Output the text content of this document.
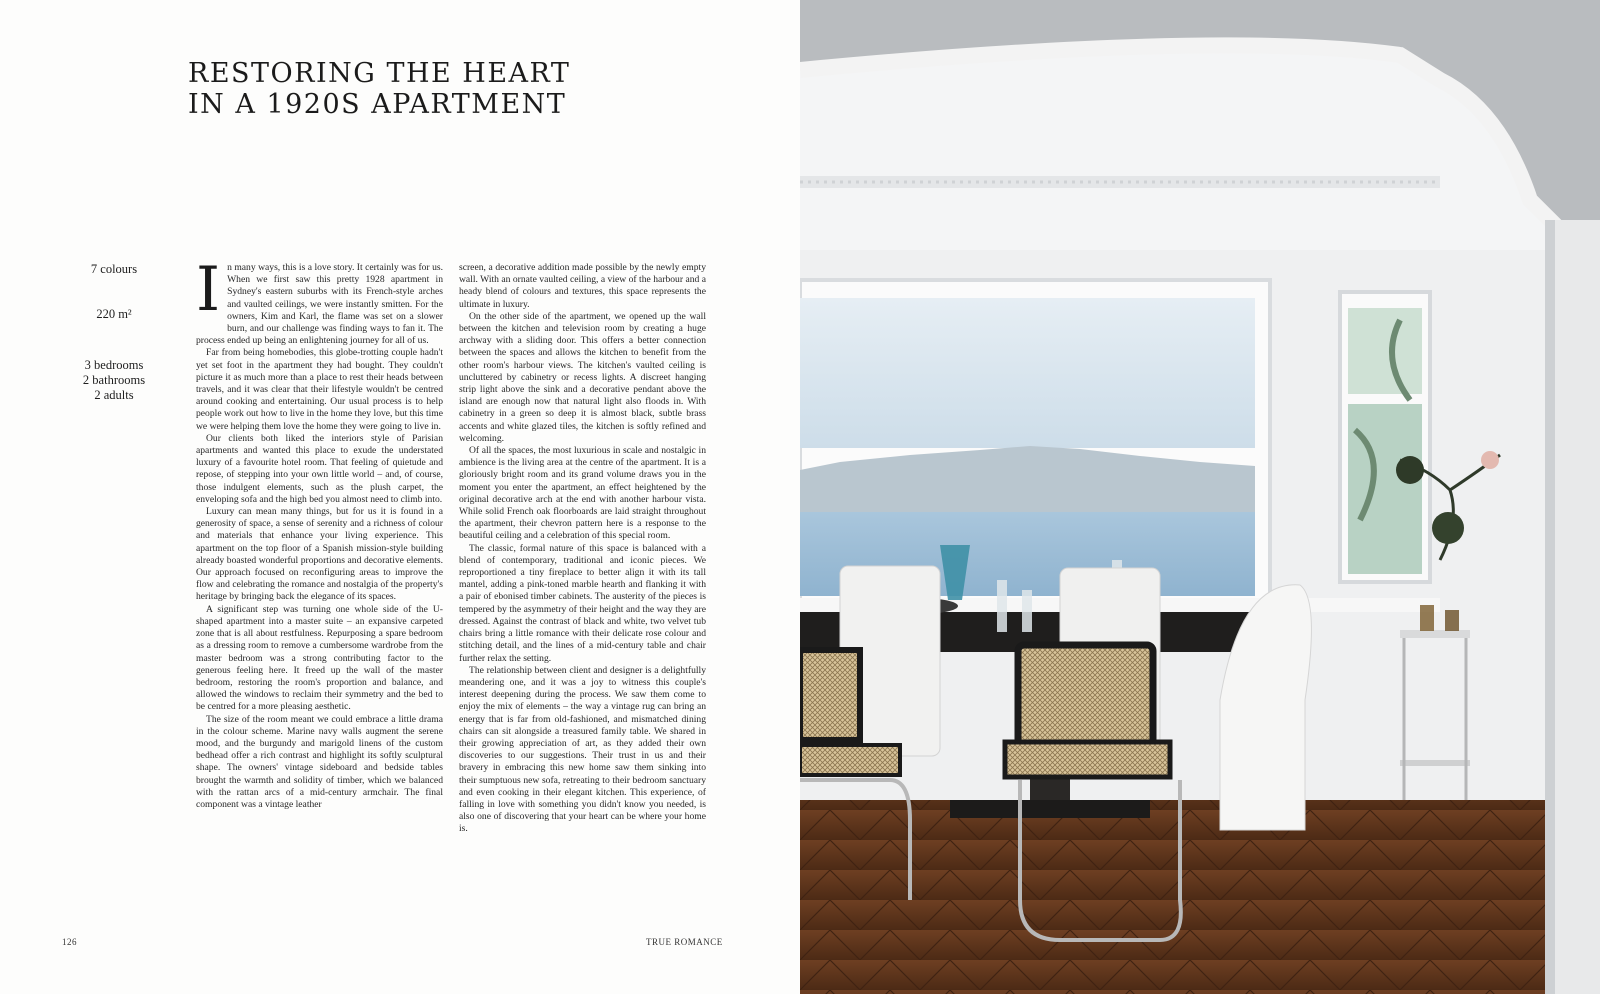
RESTORING THE HEART
IN A 1920S APARTMENT
7 colours
220 m²
3 bedrooms
2 bathrooms
2 adults
I n many ways, this is a love story. It certainly was for us. When we first saw this pretty 1928 apartment in Sydney's eastern suburbs with its French-style arches and vaulted ceilings, we were instantly smitten. For the owners, Kim and Karl, the flame was set on a slower burn, and our challenge was finding ways to fan it. The process ended up being an enlightening journey for all of us.

Far from being homebodies, this globe-trotting couple hadn't yet set foot in the apartment they had bought. They couldn't picture it as much more than a place to rest their heads between travels, and it was clear that their lifestyle wouldn't be centred around cooking and entertaining. Our usual process is to help people work out how to live in the home they love, but this time we were helping them love the home they were going to live in.

Our clients both liked the interiors style of Parisian apartments and wanted this place to exude the understated luxury of a favourite hotel room. That feeling of quietude and repose, of stepping into your own little world – and, of course, those indulgent elements, such as the plush carpet, the enveloping sofa and the high bed you almost need to climb into.

Luxury can mean many things, but for us it is found in a generosity of space, a sense of serenity and a richness of colour and materials that enhance your living experience. This apartment on the top floor of a Spanish mission-style building already boasted wonderful proportions and decorative elements. Our approach focused on reconfiguring areas to improve the flow and celebrating the romance and nostalgia of the property's heritage by bringing back the elegance of its spaces.

A significant step was turning one whole side of the U-shaped apartment into a master suite – an expansive carpeted zone that is all about restfulness. Repurposing a spare bedroom as a dressing room to remove a cumbersome wardrobe from the master bedroom was a strong contributing factor to the generous feeling here. It freed up the wall of the master bedroom, restoring the room's proportion and balance, and allowed the windows to reclaim their symmetry and the bed to be centred for a more pleasing aesthetic.

The size of the room meant we could embrace a little drama in the colour scheme. Marine navy walls augment the serene mood, and the burgundy and marigold linens of the custom bedhead offer a rich contrast and highlight its softly sculptural shape. The owners' vintage sideboard and bedside tables brought the warmth and solidity of timber, which we balanced with the rattan arcs of a mid-century armchair. The final component was a vintage leather

screen, a decorative addition made possible by the newly empty wall. With an ornate vaulted ceiling, a view of the harbour and a heady blend of colours and textures, this space represents the ultimate in luxury.

On the other side of the apartment, we opened up the wall between the kitchen and television room by creating a huge archway with a sliding door. This offers a better connection between the spaces and allows the kitchen to benefit from the other room's harbour views. The kitchen's vaulted ceiling is uncluttered by cabinetry or recess lights. A discreet hanging strip light above the sink and a decorative pendant above the island are enough now that natural light also floods in. With cabinetry in a green so deep it is almost black, subtle brass accents and white glazed tiles, the kitchen is softly refined and welcoming.

Of all the spaces, the most luxurious in scale and nostalgic in ambience is the living area at the centre of the apartment. It is a gloriously bright room and its grand volume draws you in the moment you enter the apartment, an effect heightened by the original decorative arch at the end with another harbour vista. While solid French oak floorboards are laid straight throughout the apartment, their chevron pattern here is a response to the beautiful ceiling and a celebration of this special room.

The classic, formal nature of this space is balanced with a blend of contemporary, traditional and iconic pieces. We reproportioned a tiny fireplace to better align it with its tall mantel, adding a pink-toned marble hearth and flanking it with a pair of ebonised timber cabinets. The austerity of the pieces is tempered by the asymmetry of their height and the way they are dressed. Against the contrast of black and white, two velvet tub chairs bring a little romance with their delicate rose colour and stitching detail, and the lines of a mid-century table and chair further relax the setting.

The relationship between client and designer is a delightfully meandering one, and it was a joy to witness this couple's interest deepening during the process. We saw them come to enjoy the mix of elements – the way a vintage rug can bring an energy that is far from old-fashioned, and mismatched dining chairs can sit alongside a treasured family table. We shared in their growing appreciation of art, as they added their own discoveries to our suggestions. Their trust in us and their bravery in embracing this new home saw them sinking into their sumptuous new sofa, retreating to their bedroom sanctuary and even cooking in their elegant kitchen. This experience, of falling in love with something you didn't know you needed, is also one of discovering that your heart can be where your home is.

126	TRUE ROMANCE
